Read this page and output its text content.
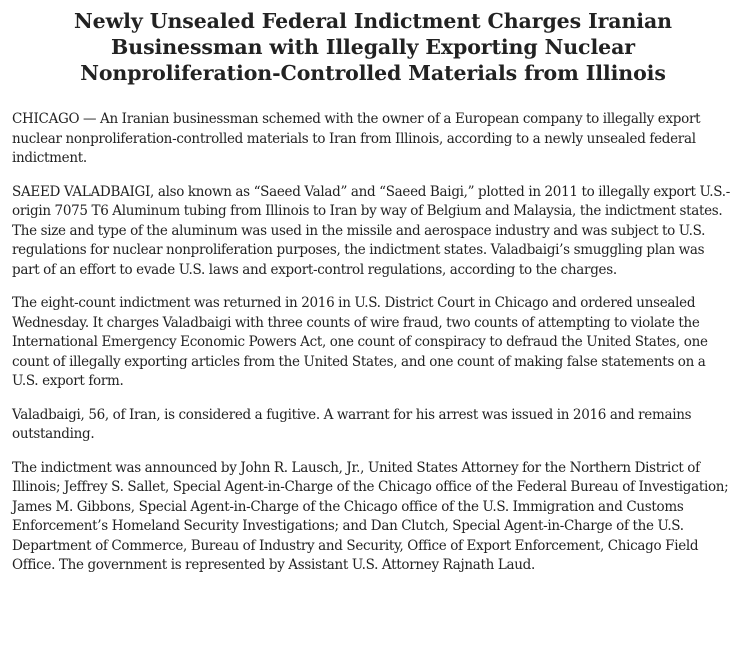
Newly Unsealed Federal Indictment Charges Iranian Businessman with Illegally Exporting Nuclear Nonproliferation-Controlled Materials from Illinois

CHICAGO — An Iranian businessman schemed with the owner of a European company to illegally export nuclear nonproliferation-controlled materials to Iran from Illinois, according to a newly unsealed federal indictment.

SAEED VALADBAIGI, also known as “Saeed Valad” and “Saeed Baigi,” plotted in 2011 to illegally export U.S.-origin 7075 T6 Aluminum tubing from Illinois to Iran by way of Belgium and Malaysia, the indictment states. The size and type of the aluminum was used in the missile and aerospace industry and was subject to U.S. regulations for nuclear nonproliferation purposes, the indictment states. Valadbaigi’s smuggling plan was part of an effort to evade U.S. laws and export-control regulations, according to the charges.

The eight-count indictment was returned in 2016 in U.S. District Court in Chicago and ordered unsealed Wednesday. It charges Valadbaigi with three counts of wire fraud, two counts of attempting to violate the International Emergency Economic Powers Act, one count of conspiracy to defraud the United States, one count of illegally exporting articles from the United States, and one count of making false statements on a U.S. export form.

Valadbaigi, 56, of Iran, is considered a fugitive. A warrant for his arrest was issued in 2016 and remains outstanding.

The indictment was announced by John R. Lausch, Jr., United States Attorney for the Northern District of Illinois; Jeffrey S. Sallet, Special Agent-in-Charge of the Chicago office of the Federal Bureau of Investigation; James M. Gibbons, Special Agent-in-Charge of the Chicago office of the U.S. Immigration and Customs Enforcement’s Homeland Security Investigations; and Dan Clutch, Special Agent-in-Charge of the U.S. Department of Commerce, Bureau of Industry and Security, Office of Export Enforcement, Chicago Field Office. The government is represented by Assistant U.S. Attorney Rajnath Laud.
